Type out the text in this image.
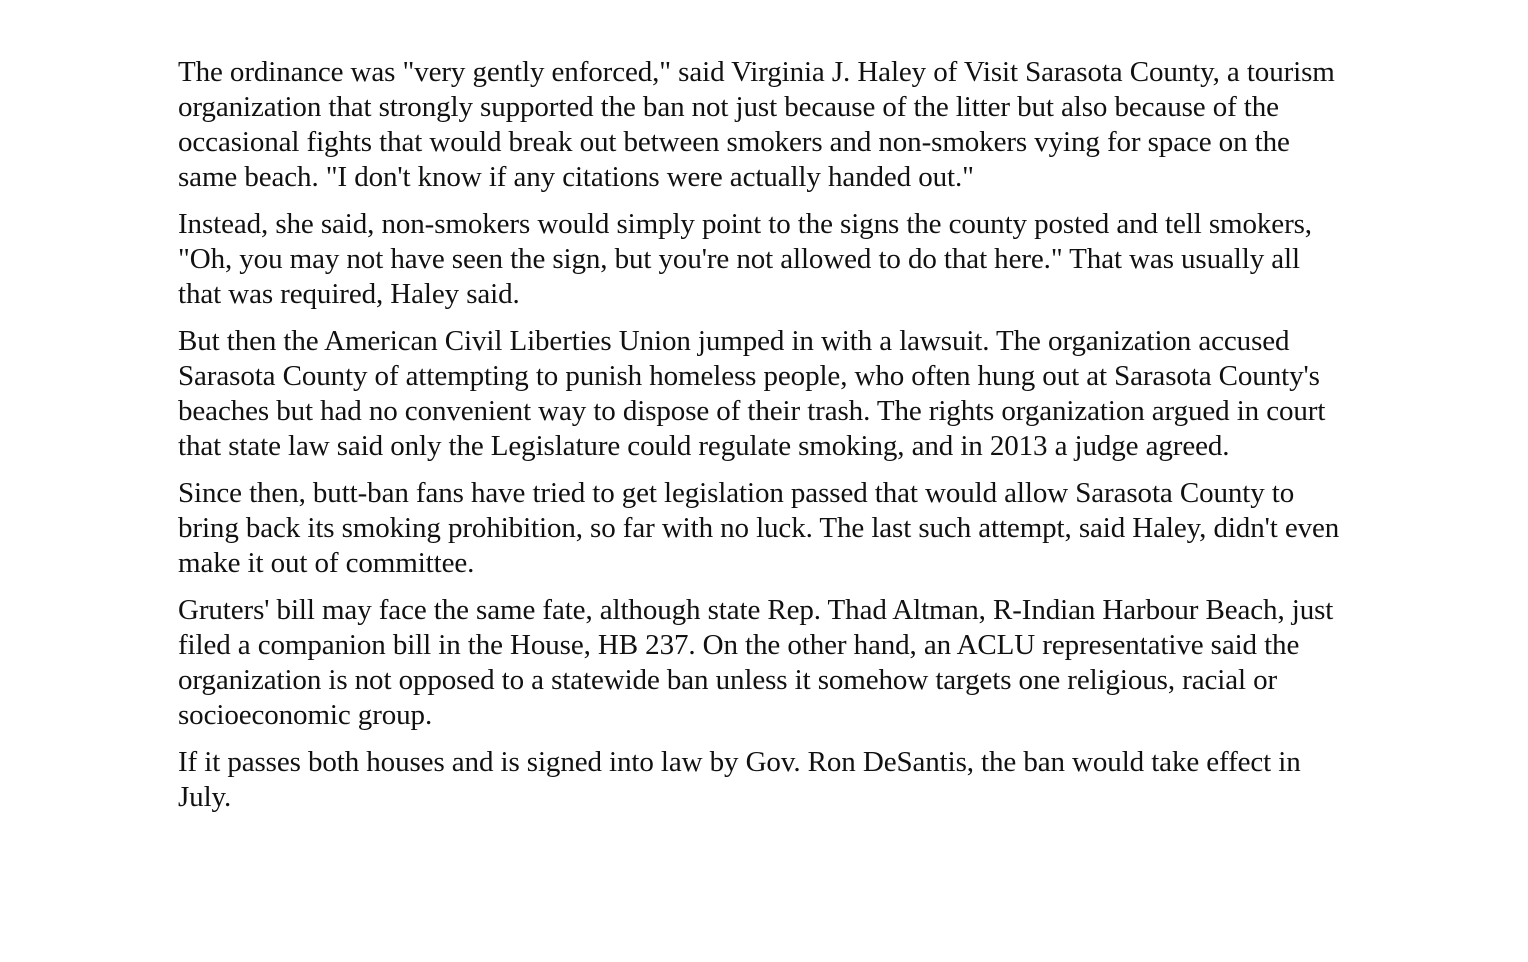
The ordinance was "very gently enforced," said Virginia J. Haley of Visit Sarasota County, a tourism organization that strongly supported the ban not just because of the litter but also because of the occasional fights that would break out between smokers and non-smokers vying for space on the same beach. "I don't know if any citations were actually handed out."

Instead, she said, non-smokers would simply point to the signs the county posted and tell smokers, "Oh, you may not have seen the sign, but you're not allowed to do that here." That was usually all that was required, Haley said.

But then the American Civil Liberties Union jumped in with a lawsuit. The organization accused Sarasota County of attempting to punish homeless people, who often hung out at Sarasota County's beaches but had no convenient way to dispose of their trash. The rights organization argued in court that state law said only the Legislature could regulate smoking, and in 2013 a judge agreed.

Since then, butt-ban fans have tried to get legislation passed that would allow Sarasota County to bring back its smoking prohibition, so far with no luck. The last such attempt, said Haley, didn't even make it out of committee.

Gruters' bill may face the same fate, although state Rep. Thad Altman, R-Indian Harbour Beach, just filed a companion bill in the House, HB 237. On the other hand, an ACLU representative said the organization is not opposed to a statewide ban unless it somehow targets one religious, racial or socioeconomic group.

If it passes both houses and is signed into law by Gov. Ron DeSantis, the ban would take effect in July.
